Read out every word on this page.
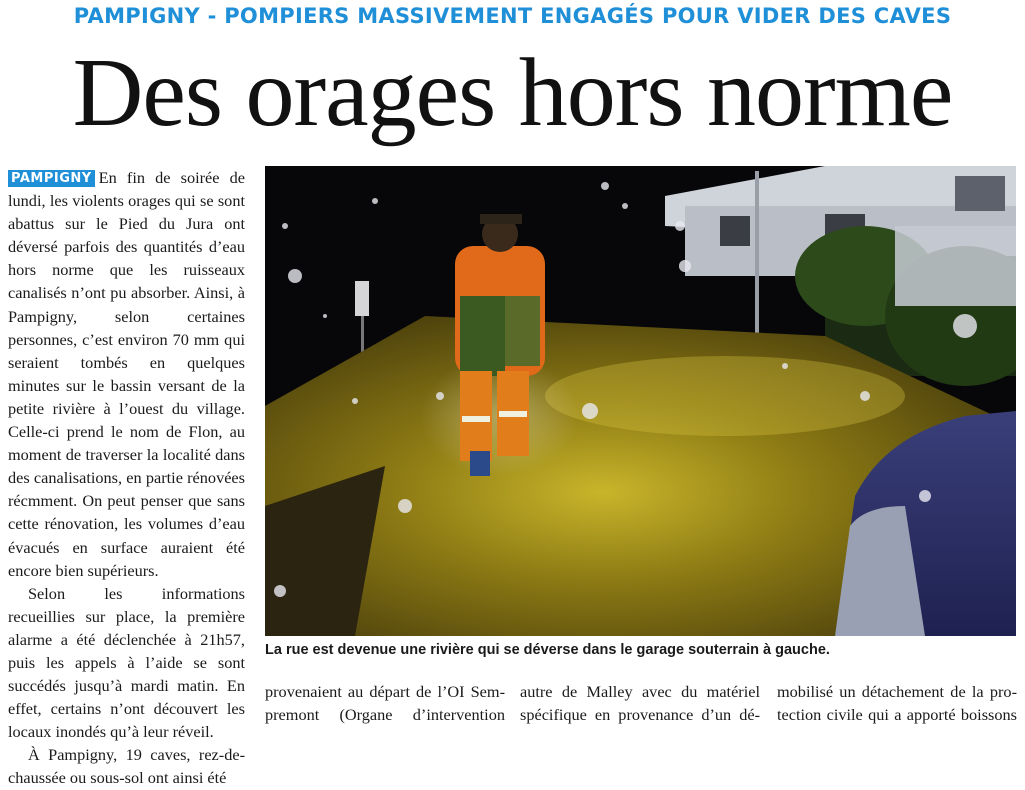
PAMPIGNY - POMPIERS MASSIVEMENT ENGAGÉS POUR VIDER DES CAVES
Des orages hors norme

PAMPIGNY En fin de soirée de lundi, les violents orages qui se sont abattus sur le Pied du Jura ont déversé parfois des quantités d’eau hors norme que les ruisseaux canalisés n’ont pu absorber. Ainsi, à Pampigny, selon certaines personnes, c’est environ 70 mm qui seraient tombés en quelques minutes sur le bassin versant de la petite rivière à l’ouest du village. Celle-ci prend le nom de Flon, au moment de traverser la localité dans des canalisations, en partie rénovées récmment. On peut penser que sans cette rénovation, les volumes d’eau évacués en surface auraient été encore bien supérieurs.

Selon les informations recueillies sur place, la première alarme a été déclenchée à 21h57, puis les appels à l’aide se sont succédés jusqu’à mardi matin. En effet, certains n’ont découvert les locaux inondés qu’à leur réveil.

À Pampigny, 19 caves, rez-de-chaussée ou sous-sol ont ainsi été

La rue est devenue une rivière qui se déverse dans le garage souterrain à gauche.
provenaient au départ de l’OI Sem-
premont (Organe d’intervention
autre de Malley avec du matériel
spécifique en provenance d’un dé-
mobilisé un détachement de la pro-
tection civile qui a apporté boissons
